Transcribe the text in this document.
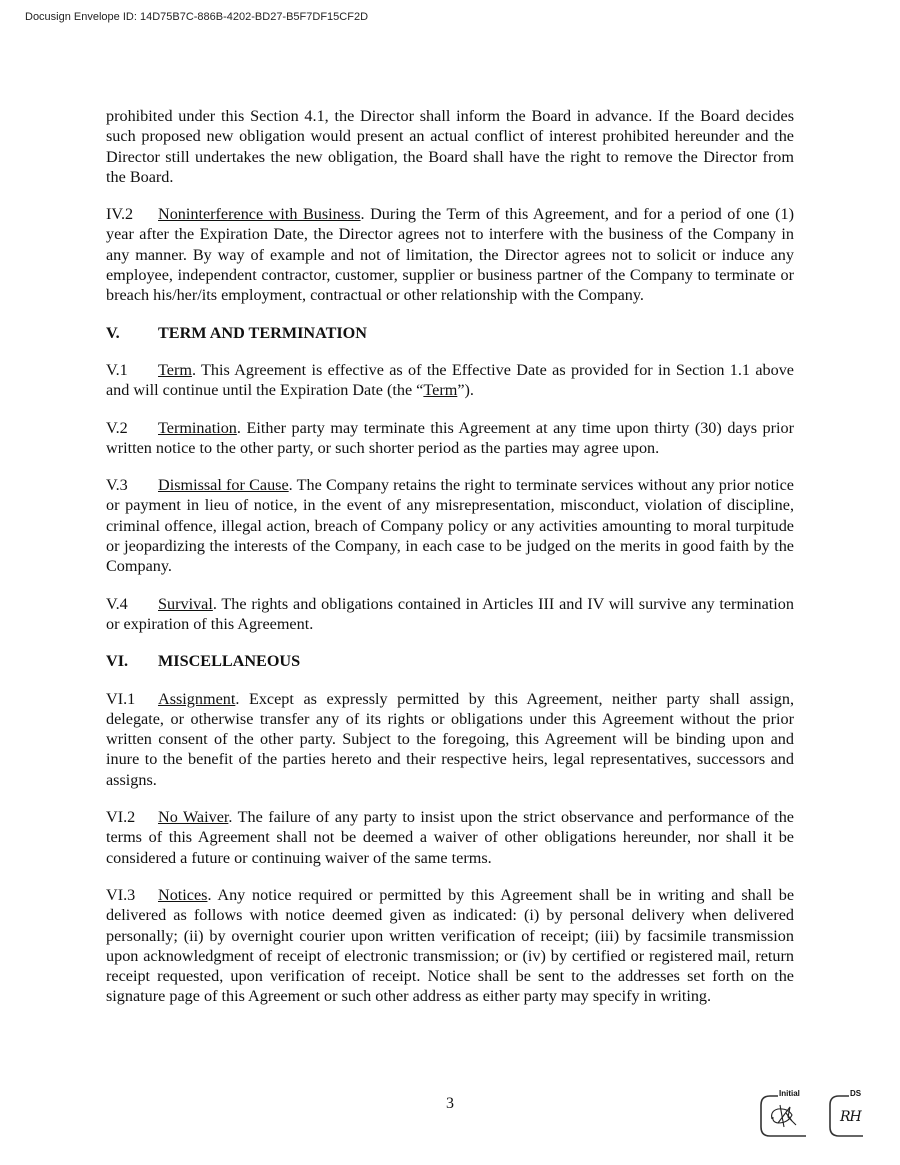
Docusign Envelope ID: 14D75B7C-886B-4202-BD27-B5F7DF15CF2D

prohibited under this Section 4.1, the Director shall inform the Board in advance. If the Board decides such proposed new obligation would present an actual conflict of interest prohibited hereunder and the Director still undertakes the new obligation, the Board shall have the right to remove the Director from the Board.

IV.2 Noninterference with Business. During the Term of this Agreement, and for a period of one (1) year after the Expiration Date, the Director agrees not to interfere with the business of the Company in any manner. By way of example and not of limitation, the Director agrees not to solicit or induce any employee, independent contractor, customer, supplier or business partner of the Company to terminate or breach his/her/its employment, contractual or other relationship with the Company.

V. TERM AND TERMINATION

V.1 Term. This Agreement is effective as of the Effective Date as provided for in Section 1.1 above and will continue until the Expiration Date (the “Term”).

V.2 Termination. Either party may terminate this Agreement at any time upon thirty (30) days prior written notice to the other party, or such shorter period as the parties may agree upon.

V.3 Dismissal for Cause. The Company retains the right to terminate services without any prior notice or payment in lieu of notice, in the event of any misrepresentation, misconduct, violation of discipline, criminal offence, illegal action, breach of Company policy or any activities amounting to moral turpitude or jeopardizing the interests of the Company, in each case to be judged on the merits in good faith by the Company.

V.4 Survival. The rights and obligations contained in Articles III and IV will survive any termination or expiration of this Agreement.

VI. MISCELLANEOUS

VI.1 Assignment. Except as expressly permitted by this Agreement, neither party shall assign, delegate, or otherwise transfer any of its rights or obligations under this Agreement without the prior written consent of the other party. Subject to the foregoing, this Agreement will be binding upon and inure to the benefit of the parties hereto and their respective heirs, legal representatives, successors and assigns.

VI.2 No Waiver. The failure of any party to insist upon the strict observance and performance of the terms of this Agreement shall not be deemed a waiver of other obligations hereunder, nor shall it be considered a future or continuing waiver of the same terms.

VI.3 Notices. Any notice required or permitted by this Agreement shall be in writing and shall be delivered as follows with notice deemed given as indicated: (i) by personal delivery when delivered personally; (ii) by overnight courier upon written verification of receipt; (iii) by facsimile transmission upon acknowledgment of receipt of electronic transmission; or (iv) by certified or registered mail, return receipt requested, upon verification of receipt. Notice shall be sent to the addresses set forth on the signature page of this Agreement or such other address as either party may specify in writing.

3
Initial	DS
RH
